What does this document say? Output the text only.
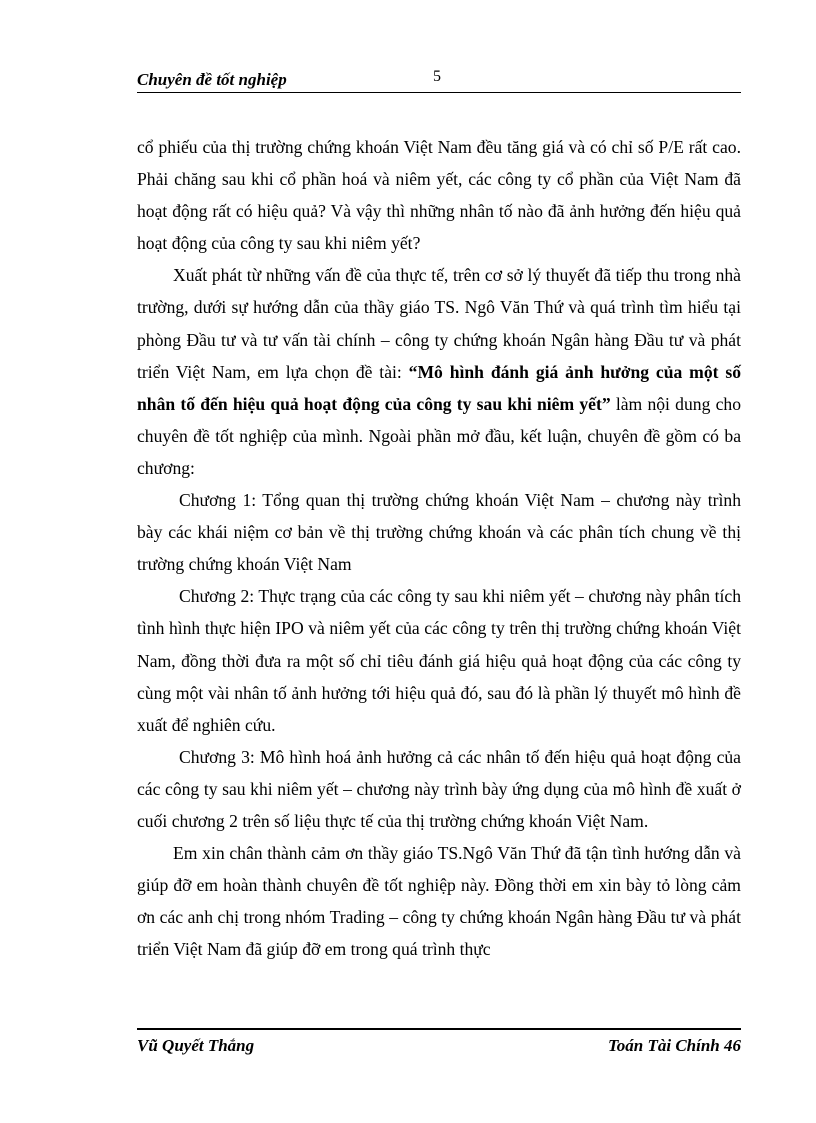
Chuyên đề tốt nghiệp	5

cổ phiếu của thị trường chứng khoán Việt Nam đều tăng giá và có chỉ số P/E rất cao. Phải chăng sau khi cổ phần hoá và niêm yết, các công ty cổ phần của Việt Nam đã hoạt động rất có hiệu quả? Và vậy thì những nhân tố nào đã ảnh hưởng đến hiệu quả hoạt động của công ty sau khi niêm yết?

Xuất phát từ những vấn đề của thực tế, trên cơ sở lý thuyết đã tiếp thu trong nhà trường, dưới sự hướng dẫn của thầy giáo TS. Ngô Văn Thứ và quá trình tìm hiểu tại phòng Đầu tư và tư vấn tài chính – công ty chứng khoán Ngân hàng Đầu tư và phát triển Việt Nam, em lựa chọn đề tài: “Mô hình đánh giá ảnh hưởng của một số nhân tố đến hiệu quả hoạt động của công ty sau khi niêm yết” làm nội dung cho chuyên đề tốt nghiệp của mình. Ngoài phần mở đầu, kết luận, chuyên đề gồm có ba chương:

Chương 1: Tổng quan thị trường chứng khoán Việt Nam – chương này trình bày các khái niệm cơ bản về thị trường chứng khoán và các phân tích chung về thị trường chứng khoán Việt Nam

Chương 2: Thực trạng của các công ty sau khi niêm yết – chương này phân tích tình hình thực hiện IPO và niêm yết của các công ty trên thị trường chứng khoán Việt Nam, đồng thời đưa ra một số chỉ tiêu đánh giá hiệu quả hoạt động của các công ty cùng một vài nhân tố ảnh hưởng tới hiệu quả đó, sau đó là phần lý thuyết mô hình đề xuất để nghiên cứu.

Chương 3: Mô hình hoá ảnh hưởng cả các nhân tố đến hiệu quả hoạt động của các công ty sau khi niêm yết – chương này trình bày ứng dụng của mô hình đề xuất ở cuối chương 2 trên số liệu thực tế của thị trường chứng khoán Việt Nam.

Em xin chân thành cảm ơn thầy giáo TS.Ngô Văn Thứ đã tận tình hướng dẫn và giúp đỡ em hoàn thành chuyên đề tốt nghiệp này. Đồng thời em xin bày tỏ lòng cảm ơn các anh chị trong nhóm Trading – công ty chứng khoán Ngân hàng Đầu tư và phát triển Việt Nam đã giúp đỡ em trong quá trình thực

Vũ Quyết Thắng	Toán Tài Chính 46
